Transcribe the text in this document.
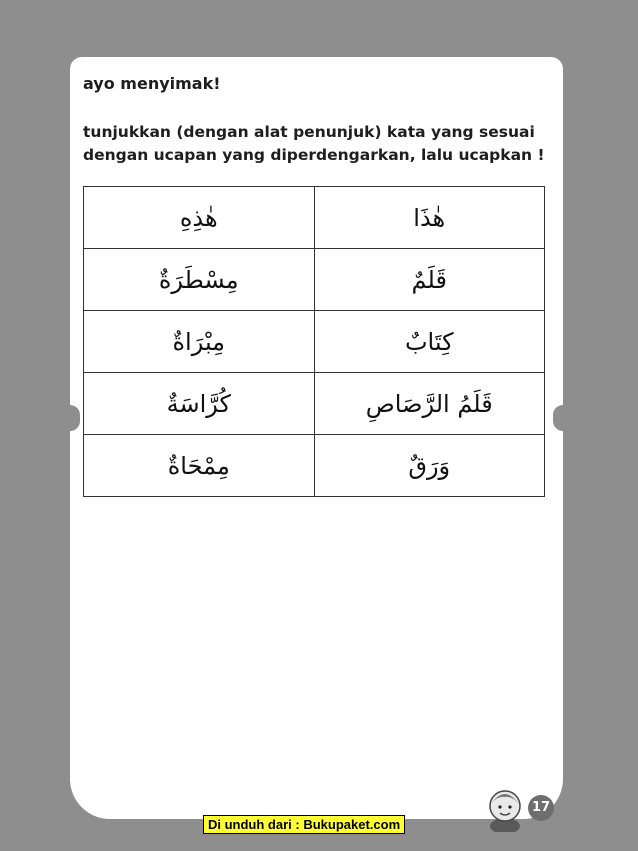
ayo menyimak!

tunjukkan (dengan alat penunjuk) kata yang sesuai dengan ucapan yang diperdengarkan, lalu ucapkan !

هٰذِهِ	هٰذَا
مِسْطَرَةٌ	قَلَمٌ
مِبْرَاةٌ	كِتَابٌ
كُرَّاسَةٌ	قَلَمُ الرَّصَاصِ
مِمْحَاةٌ	وَرَقٌ

Buku Siswa Kelas I MI	17
Di unduh dari : Bukupaket.com
